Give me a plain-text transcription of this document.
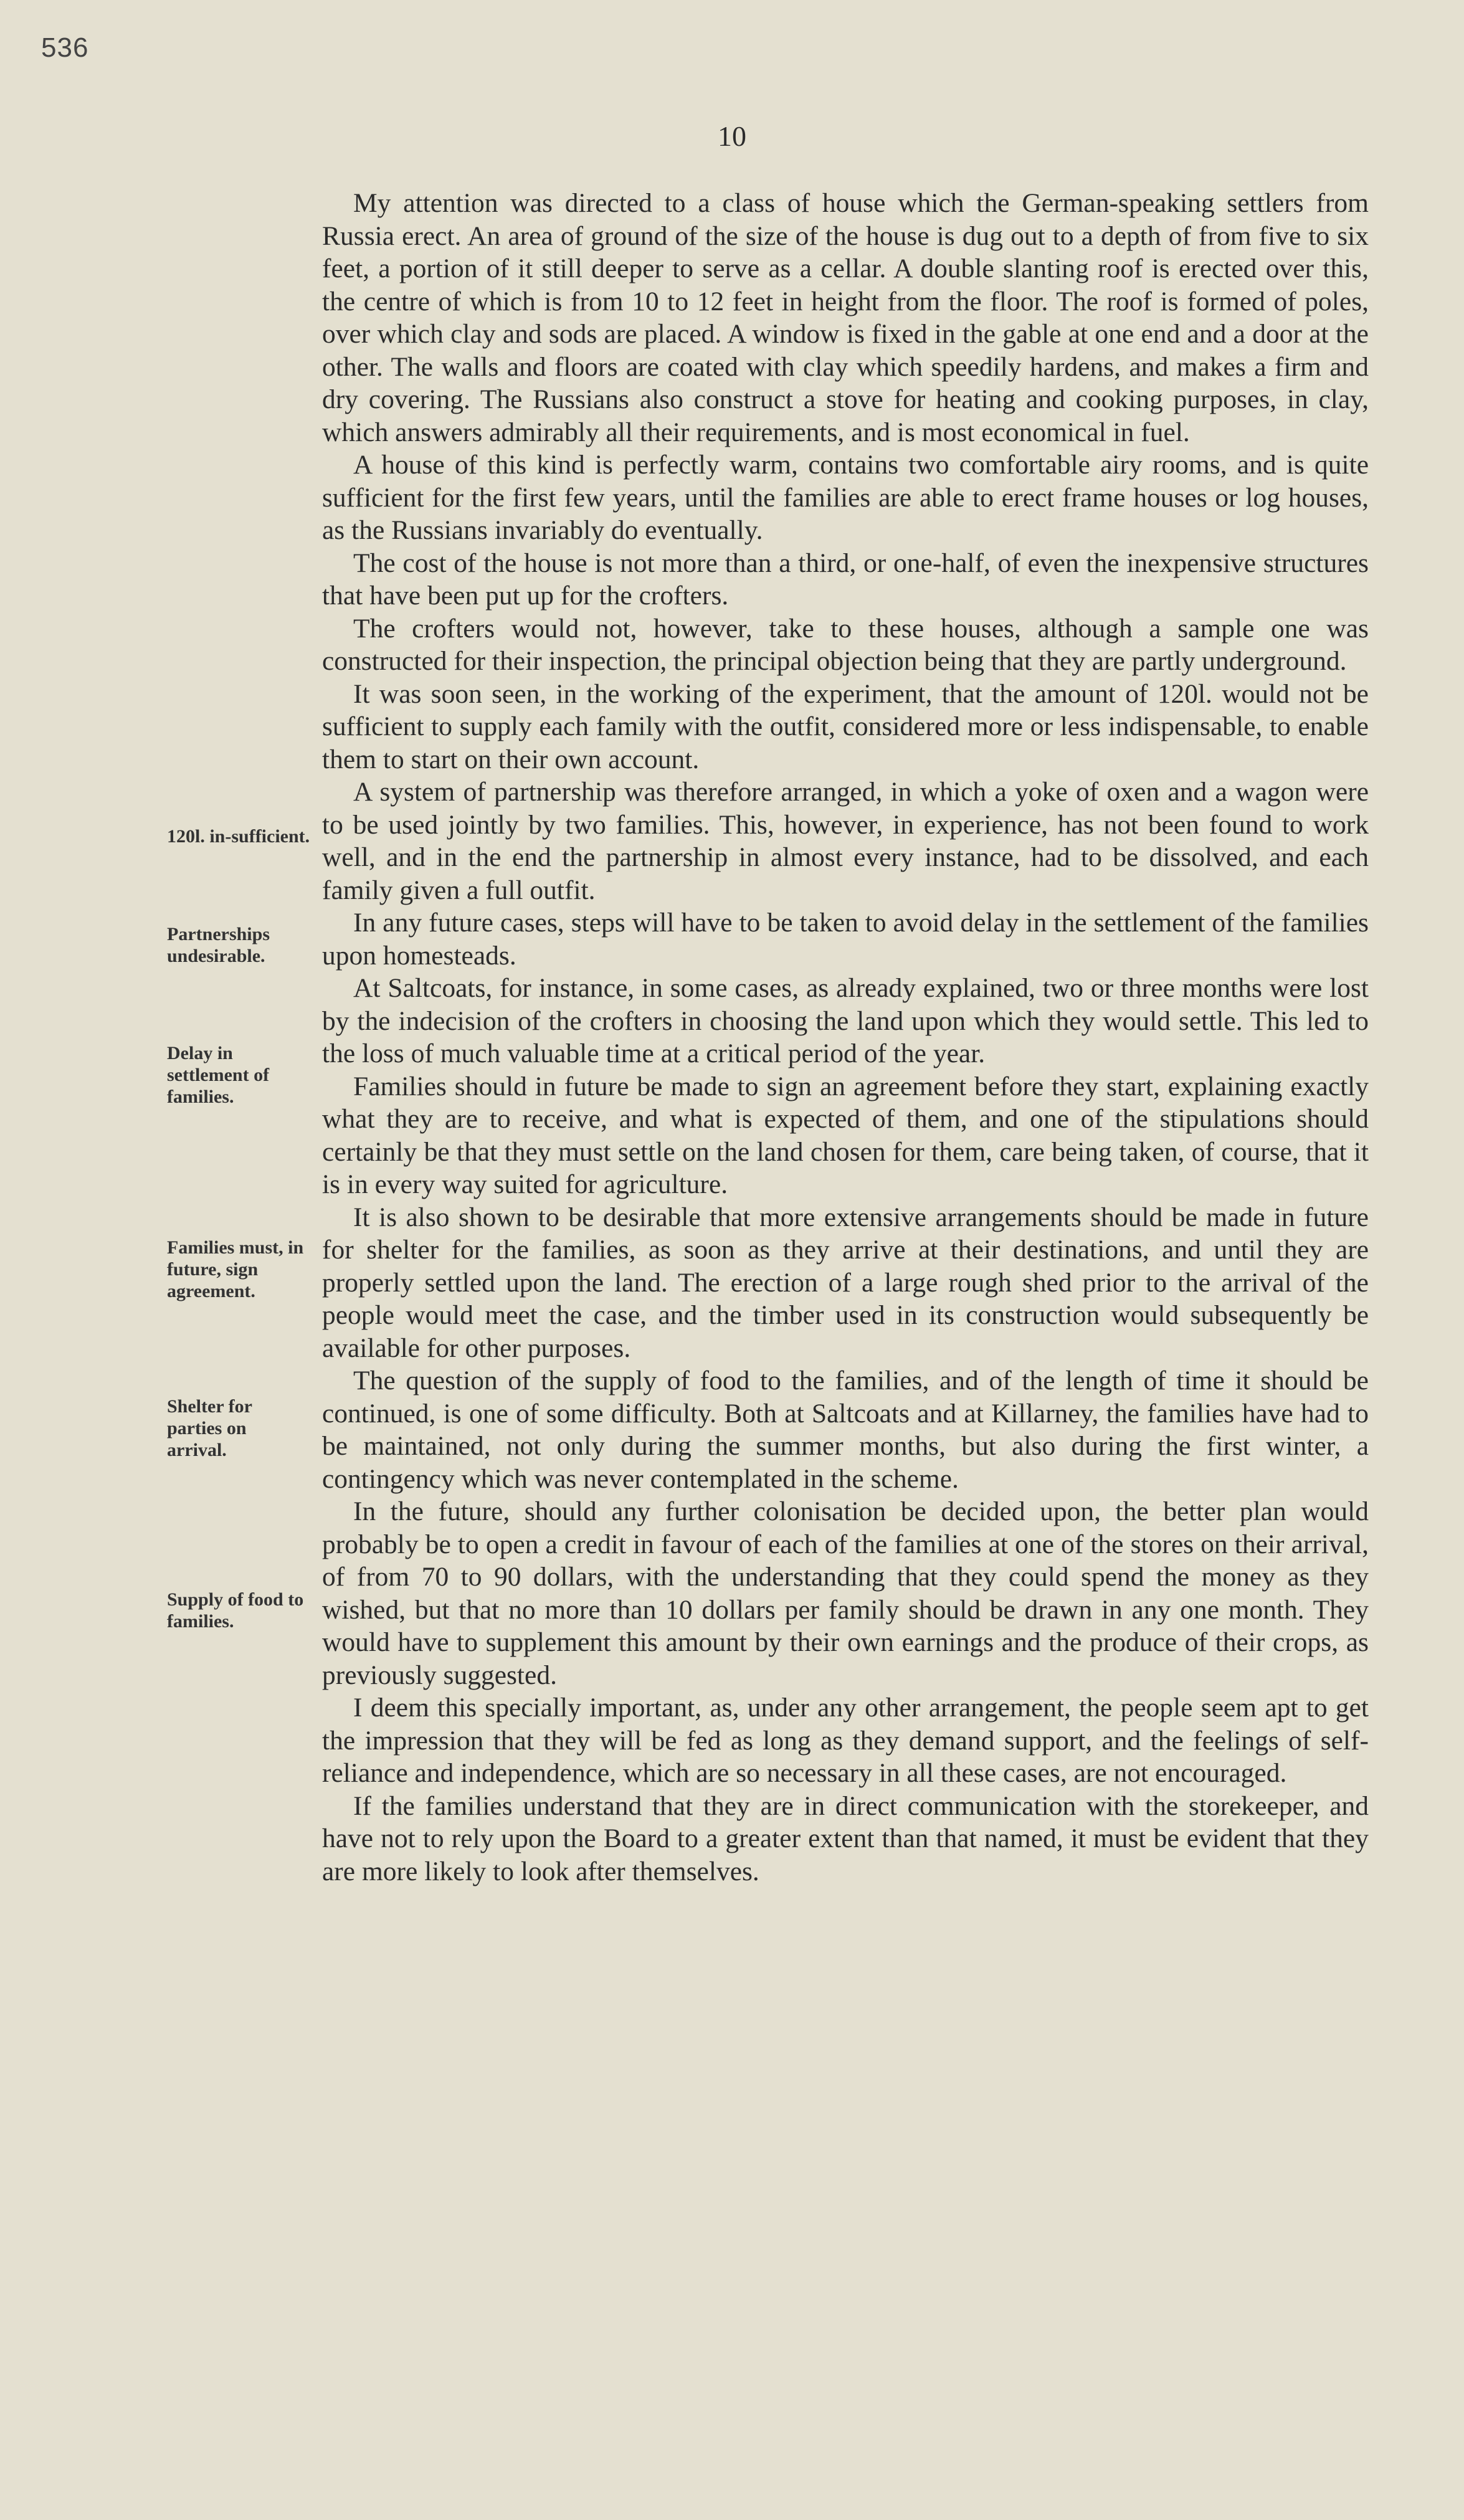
536
10
120l. in-sufficient.
Partnerships undesirable.
Delay in settlement of families.
Families must, in future, sign agreement.
Shelter for parties on arrival.
Supply of food to families.

My attention was directed to a class of house which the German-speaking settlers from Russia erect. An area of ground of the size of the house is dug out to a depth of from five to six feet, a portion of it still deeper to serve as a cellar. A double slanting roof is erected over this, the centre of which is from 10 to 12 feet in height from the floor. The roof is formed of poles, over which clay and sods are placed. A window is fixed in the gable at one end and a door at the other. The walls and floors are coated with clay which speedily hardens, and makes a firm and dry covering. The Russians also construct a stove for heating and cooking purposes, in clay, which answers admirably all their requirements, and is most economical in fuel.

A house of this kind is perfectly warm, contains two comfortable airy rooms, and is quite sufficient for the first few years, until the families are able to erect frame houses or log houses, as the Russians invariably do eventually.

The cost of the house is not more than a third, or one-half, of even the inexpensive structures that have been put up for the crofters.

The crofters would not, however, take to these houses, although a sample one was constructed for their inspection, the principal objection being that they are partly underground.

It was soon seen, in the working of the experiment, that the amount of 120l. would not be sufficient to supply each family with the outfit, considered more or less indispensable, to enable them to start on their own account.

A system of partnership was therefore arranged, in which a yoke of oxen and a wagon were to be used jointly by two families. This, however, in experience, has not been found to work well, and in the end the partnership in almost every instance, had to be dissolved, and each family given a full outfit.

In any future cases, steps will have to be taken to avoid delay in the settlement of the families upon homesteads.

At Saltcoats, for instance, in some cases, as already explained, two or three months were lost by the indecision of the crofters in choosing the land upon which they would settle. This led to the loss of much valuable time at a critical period of the year.

Families should in future be made to sign an agreement before they start, explaining exactly what they are to receive, and what is expected of them, and one of the stipulations should certainly be that they must settle on the land chosen for them, care being taken, of course, that it is in every way suited for agriculture.

It is also shown to be desirable that more extensive arrangements should be made in future for shelter for the families, as soon as they arrive at their destinations, and until they are properly settled upon the land. The erection of a large rough shed prior to the arrival of the people would meet the case, and the timber used in its construction would subsequently be available for other purposes.

The question of the supply of food to the families, and of the length of time it should be continued, is one of some difficulty. Both at Saltcoats and at Killarney, the families have had to be maintained, not only during the summer months, but also during the first winter, a contingency which was never contemplated in the scheme.

In the future, should any further colonisation be decided upon, the better plan would probably be to open a credit in favour of each of the families at one of the stores on their arrival, of from 70 to 90 dollars, with the understanding that they could spend the money as they wished, but that no more than 10 dollars per family should be drawn in any one month. They would have to supplement this amount by their own earnings and the produce of their crops, as previously suggested.

I deem this specially important, as, under any other arrangement, the people seem apt to get the impression that they will be fed as long as they demand support, and the feelings of self-reliance and independence, which are so necessary in all these cases, are not encouraged.

If the families understand that they are in direct communication with the storekeeper, and have not to rely upon the Board to a greater extent than that named, it must be evident that they are more likely to look after themselves.
